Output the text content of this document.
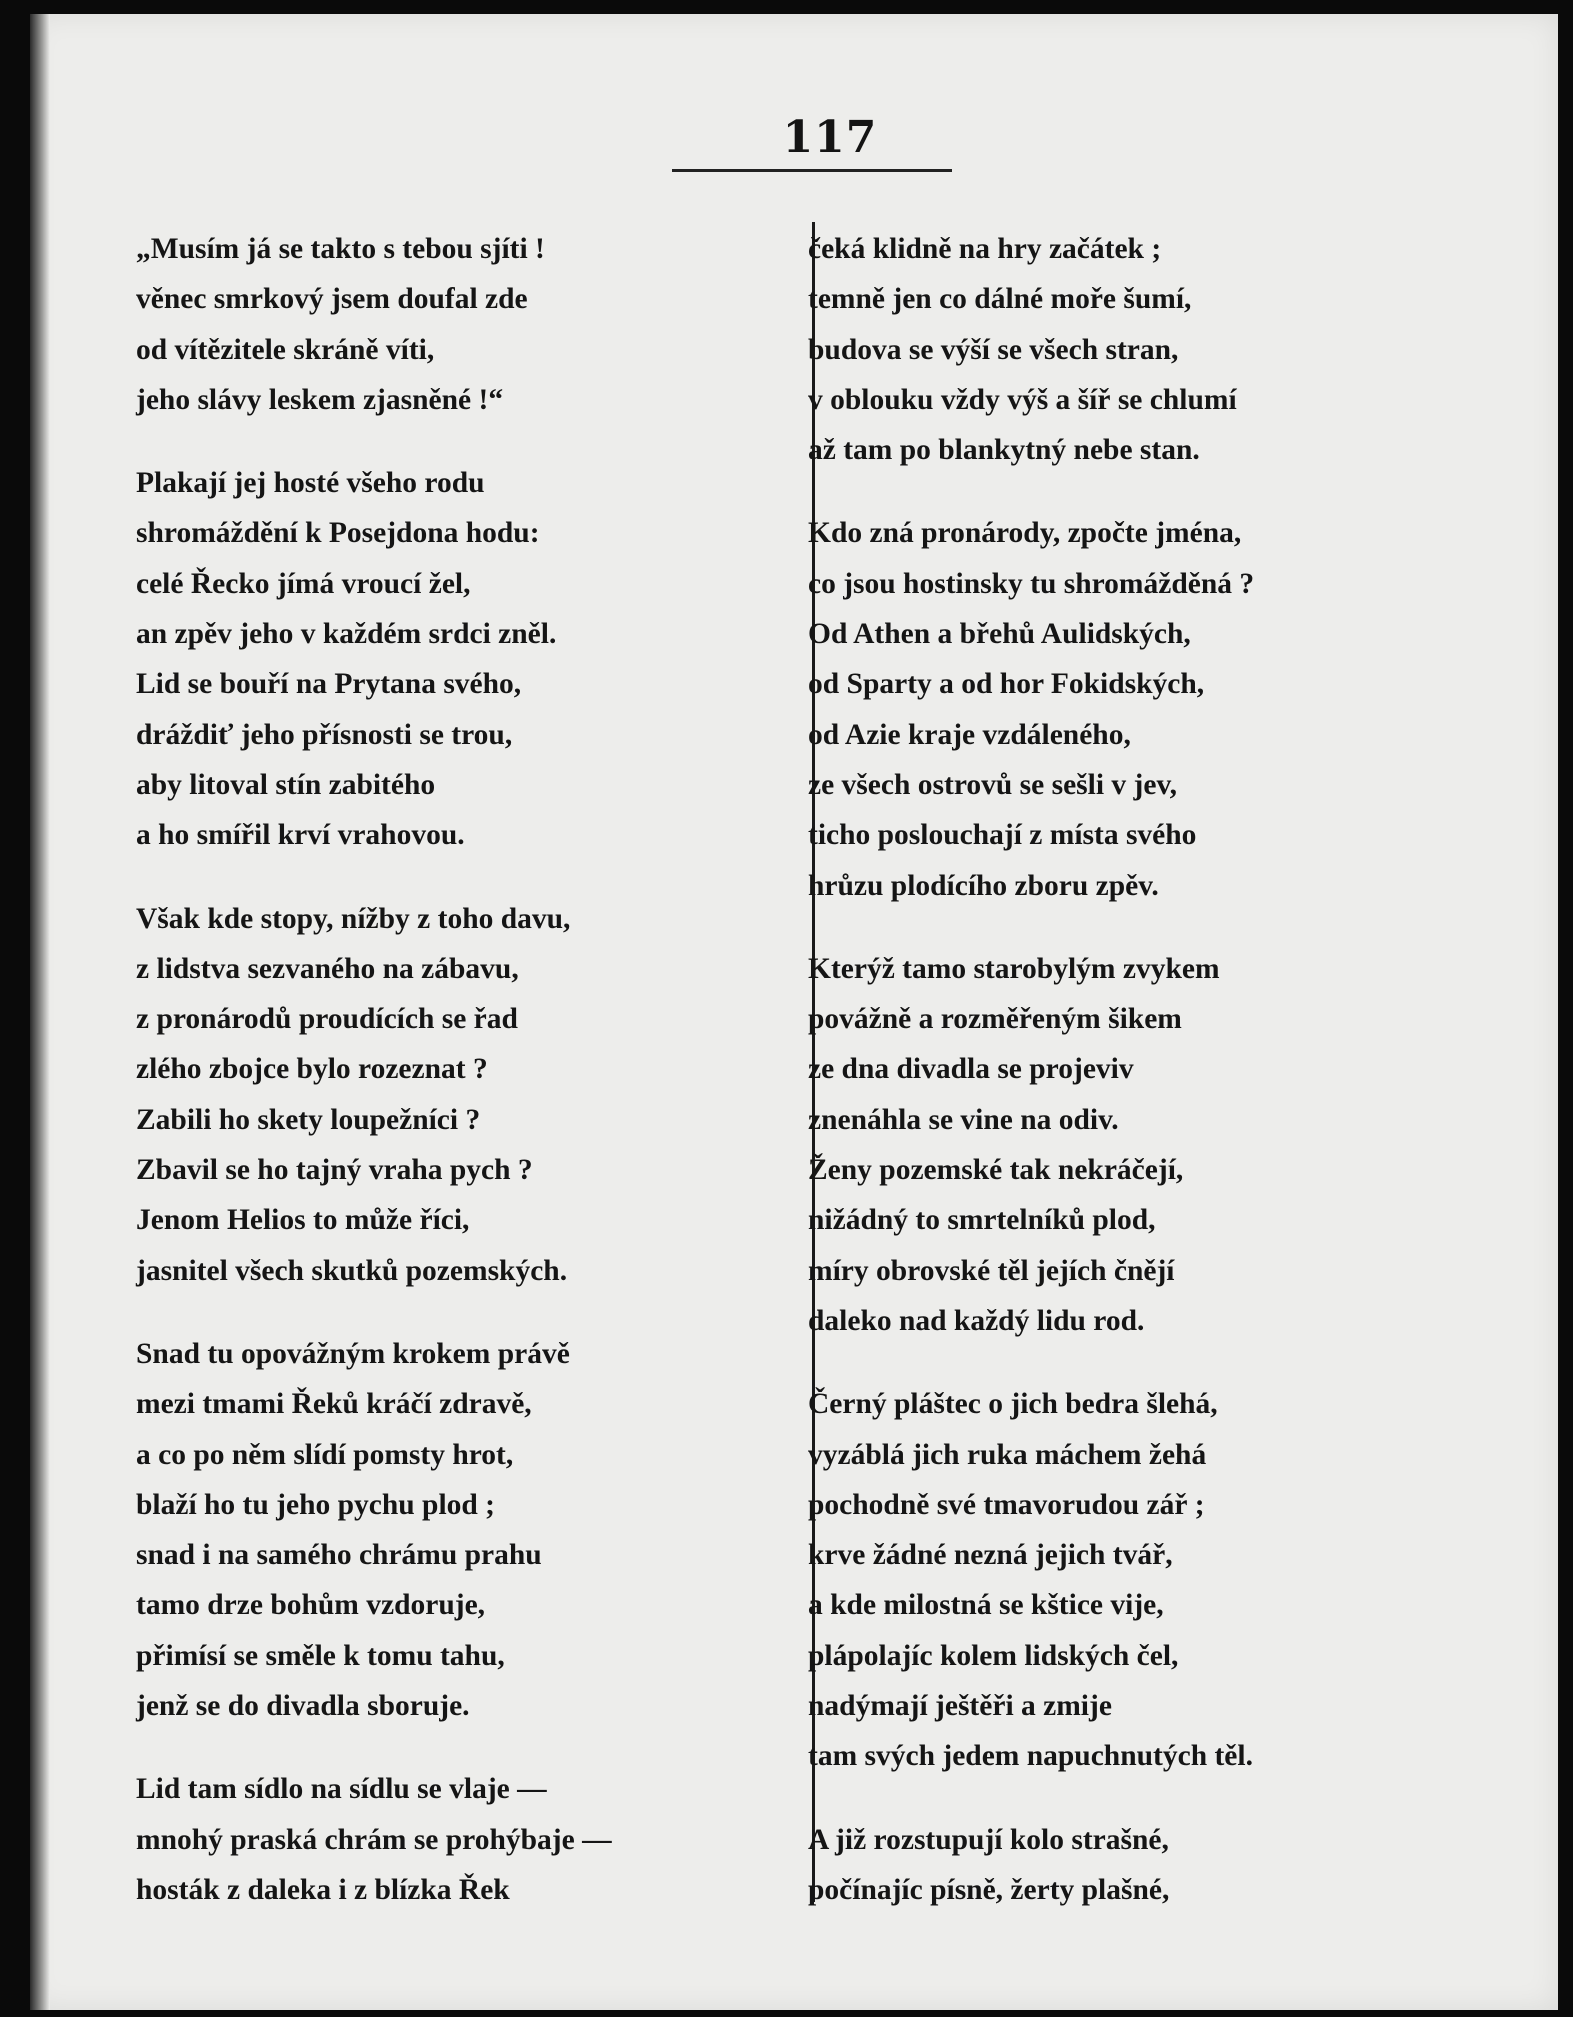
117
„Musím já se takto s tebou sjíti !
věnec smrkový jsem doufal zde
od vítězitele skráně víti,
jeho slávy leskem zjasněné !“
Plakají jej hosté všeho rodu
shromáždění k Posejdona hodu:
celé Řecko jímá vroucí žel,
an zpěv jeho v každém srdci zněl.
Lid se bouří na Prytana svého,
dráždiť jeho přísnosti se trou,
aby litoval stín zabitého
a ho smířil krví vrahovou.
Však kde stopy, nížby z toho davu,
z lidstva sezvaného na zábavu,
z pronárodů proudících se řad
zlého zbojce bylo rozeznat ?
Zabili ho skety loupežníci ?
Zbavil se ho tajný vraha pych ?
Jenom Helios to může říci,
jasnitel všech skutků pozemských.
Snad tu opovážným krokem právě
mezi tmami Řeků kráčí zdravě,
a co po něm slídí pomsty hrot,
blaží ho tu jeho pychu plod ;
snad i na samého chrámu prahu
tamo drze bohům vzdoruje,
přimísí se směle k tomu tahu,
jenž se do divadla sboruje.
Lid tam sídlo na sídlu se vlaje —
mnohý praská chrám se prohýbaje —
hosták z daleka i z blízka Řek
čeká klidně na hry začátek ;
temně jen co dálné moře šumí,
budova se výší se všech stran,
v oblouku vždy výš a šíř se chlumí
až tam po blankytný nebe stan.
Kdo zná pronárody, zpočte jména,
co jsou hostinsky tu shromážděná ?
Od Athen a břehů Aulidských,
od Sparty a od hor Fokidských,
od Azie kraje vzdáleného,
ze všech ostrovů se sešli v jev,
ticho poslouchají z místa svého
hrůzu plodícího zboru zpěv.
Kterýž tamo starobylým zvykem
povážně a rozměřeným šikem
ze dna divadla se projeviv
znenáhla se vine na odiv.
Ženy pozemské tak nekráčejí,
nižádný to smrtelníků plod,
míry obrovské těl jejích čnějí
daleko nad každý lidu rod.
Černý pláštec o jich bedra šlehá,
vyzáblá jich ruka máchem žehá
pochodně své tmavorudou zář ;
krve žádné nezná jejich tvář,
a kde milostná se kštice vije,
plápolajíc kolem lidských čel,
nadýmají ještěři a zmije
tam svých jedem napuchnutých těl.
A již rozstupují kolo strašné,
počínajíc písně, žerty plašné,
